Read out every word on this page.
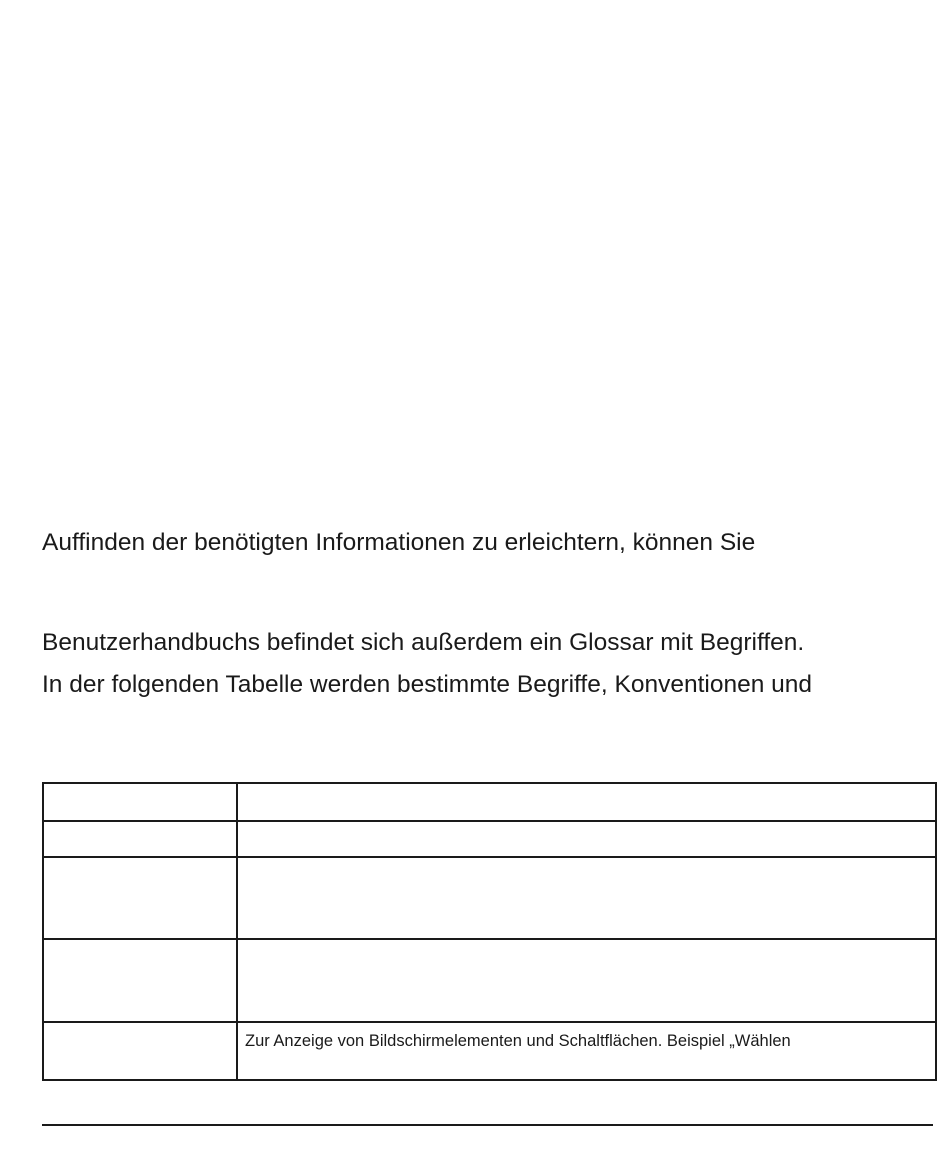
Auffinden der benötigten Informationen zu erleichtern, können Sie

Benutzerhandbuchs befindet sich außerdem ein Glossar mit Begriffen.

In der folgenden Tabelle werden bestimmte Begriffe, Konventionen und

	Zur Anzeige von Bildschirmelementen und Schaltflächen. Beispiel „Wählen
